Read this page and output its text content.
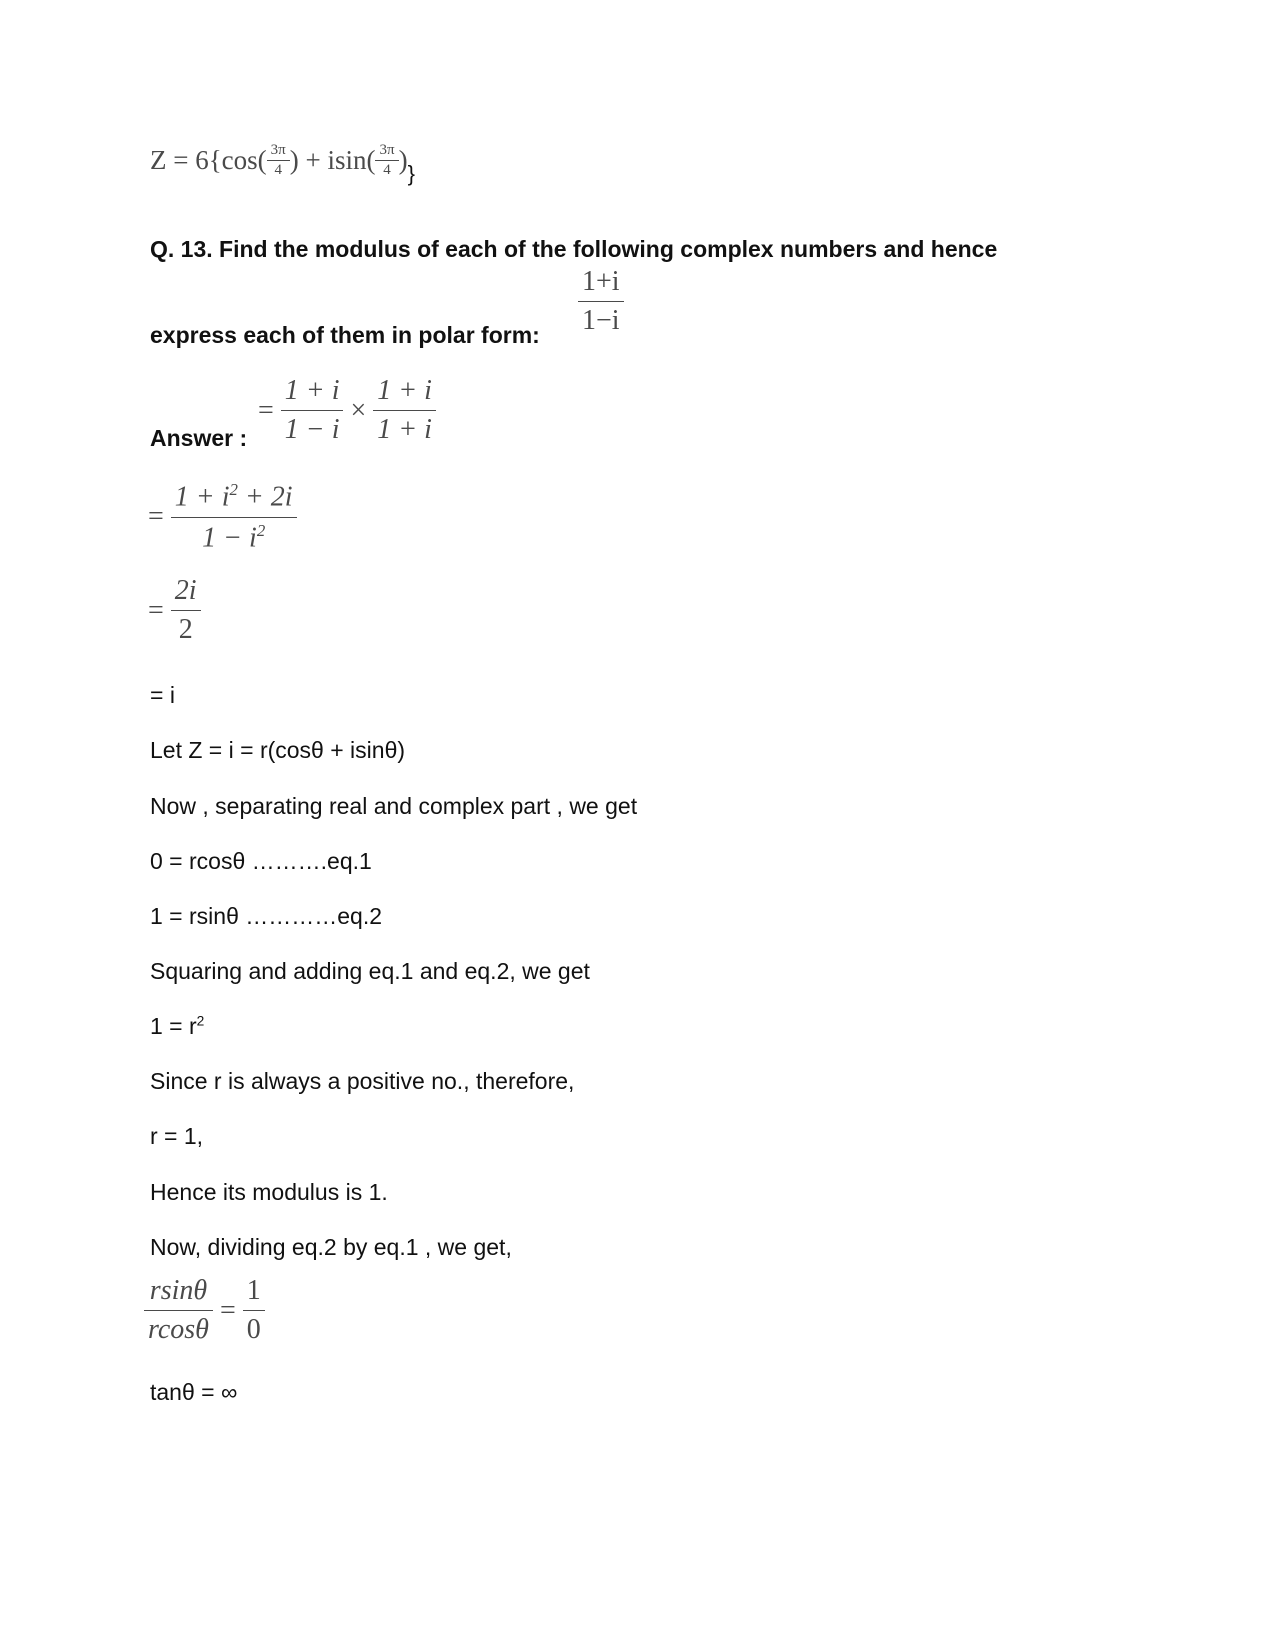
$Z = 6\{\cos( \frac{3\pi}{4}$ ) + $isin( \frac{3\pi}{4}$ )}
Q. 13. Find the modulus of each of the following complex numbers and hence
express each of them in polar form: $\frac{1+i}{1-i}$
Answer :
= $\frac{1 + i}{1 - i} \times \frac{1 + i}{1 + i}$
= $\frac{1 + i^2 + 2i}{1 - i^2}$
= $\frac{2i}{2}$
= i
Let Z = i = r(cosθ + isinθ)
Now , separating real and complex part , we get
0 = rcosθ ……….eq.1
1 = rsinθ …………eq.2
Squaring and adding eq.1 and eq.2, we get
$1 = r^2$
Since r is always a positive no., therefore,
r = 1,
Hence its modulus is 1.
Now, dividing eq.2 by eq.1 , we get,
$\frac{rsin\theta}{rcos\theta} = \frac{1}{0}$
tanθ = ∞
